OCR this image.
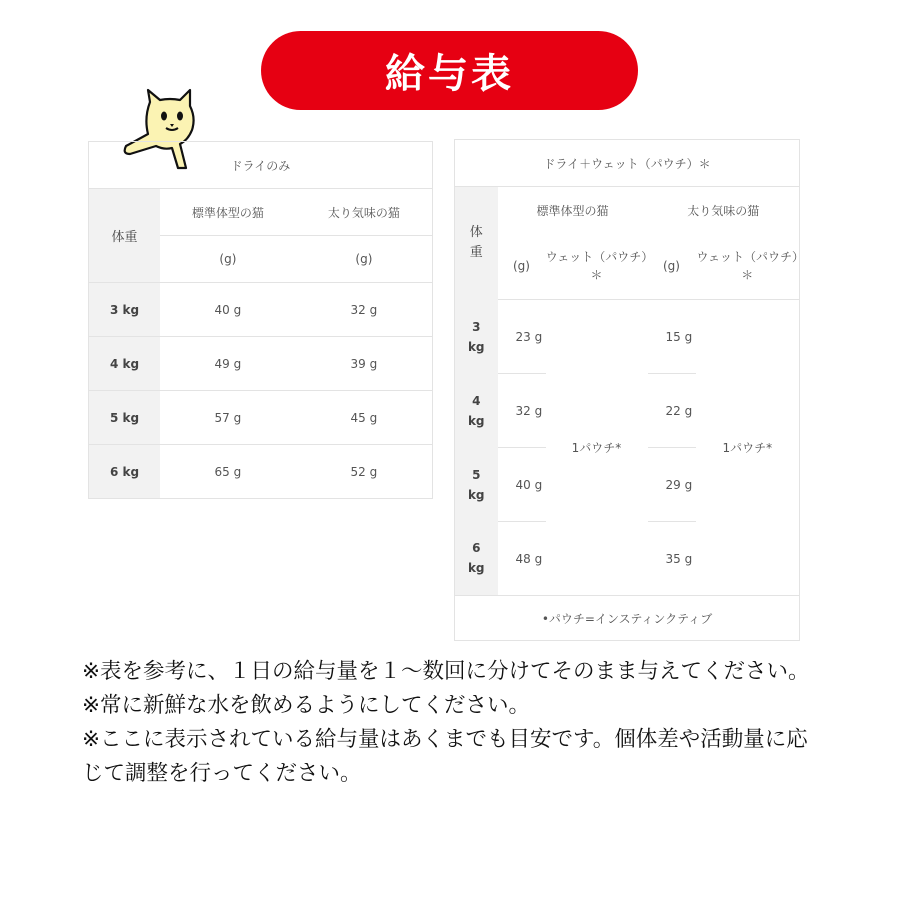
給与表
ドライのみ		
体重	標準体型の猫	太り気味の猫
	(g)	(g)
3 kg	40 g	32 g
4 kg	49 g	39 g
5 kg	57 g	45 g
6 kg	65 g	52 g
ドライ＋ウェット（パウチ）＊				
体
重	標準体型の猫		太り気味の猫	
	(g)	ウェット（パウチ）＊	(g)	ウェット（パウチ）＊
3
kg	23 g	1パウチ*	15 g	1パウチ*
4
kg	32 g		22 g	
5
kg	40 g		29 g	
6
kg	48 g		35 g	
•パウチ=インスティンクティブ				

※表を参考に、１日の給与量を１〜数回に分けてそのまま与えてください。

※常に新鮮な水を飲めるようにしてください。

※ここに表示されている給与量はあくまでも目安です。個体差や活動量に応じて調整を行ってください。
